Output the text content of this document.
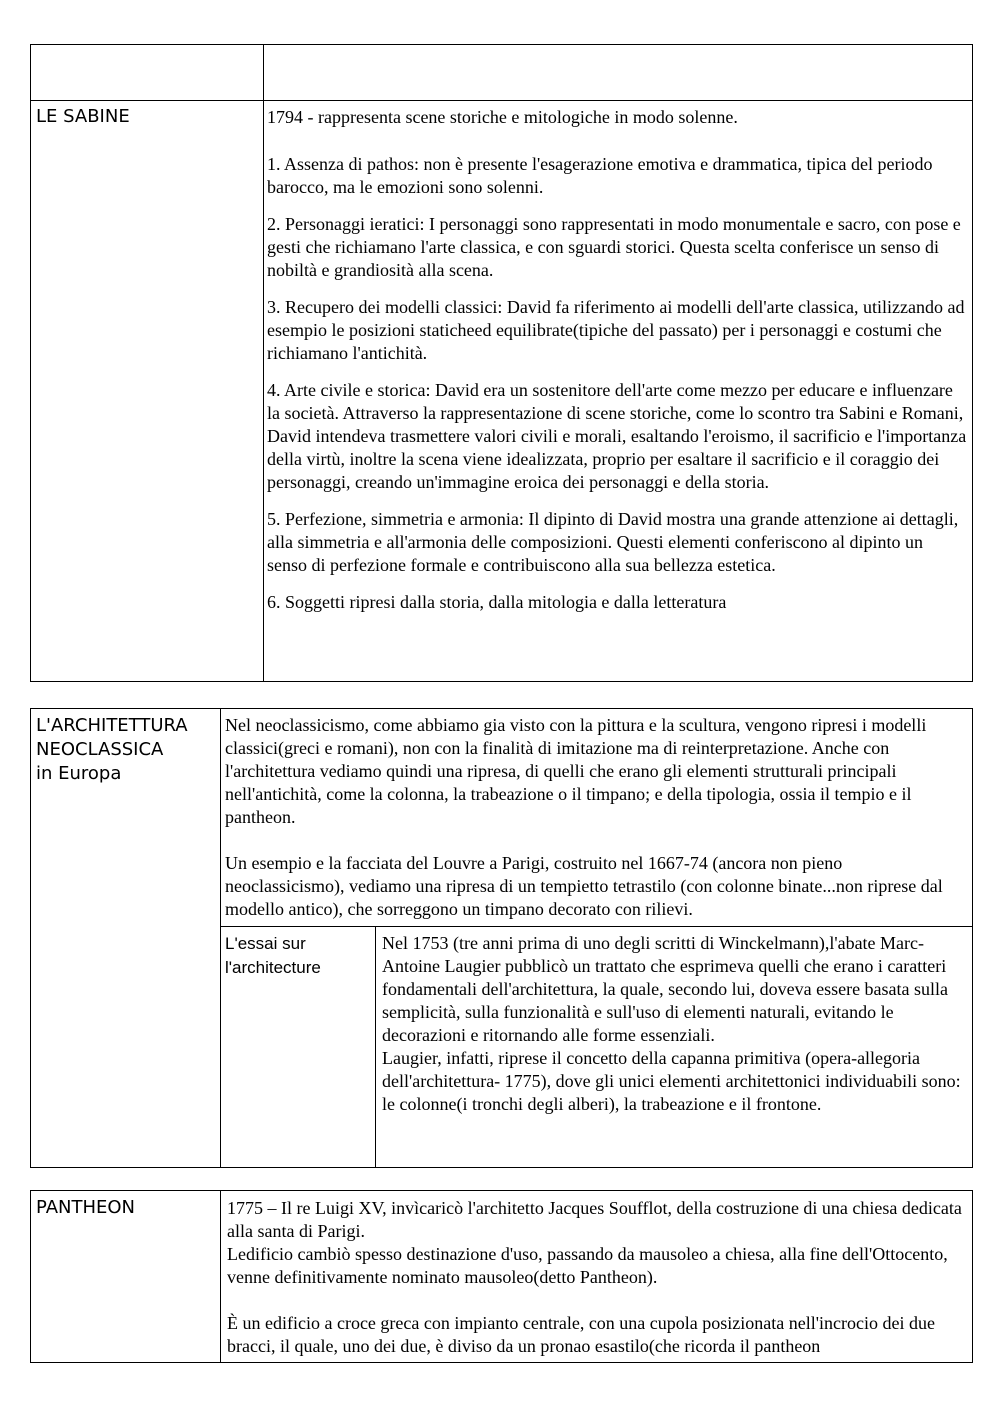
LE SABINE	1794 - rappresenta scene storiche e mitologiche in modo solenne.

1. Assenza di pathos: non è presente l'esagerazione emotiva e drammatica, tipica del periodo barocco, ma le emozioni sono solenni.

2. Personaggi ieratici: I personaggi sono rappresentati in modo monumentale e sacro, con pose e gesti che richiamano l'arte classica, e con sguardi storici. Questa scelta conferisce un senso di nobiltà e grandiosità alla scena.

3. Recupero dei modelli classici: David fa riferimento ai modelli dell'arte classica, utilizzando ad esempio le posizioni staticheed equilibrate(tipiche del passato) per i personaggi e costumi che richiamano l'antichità.

4. Arte civile e storica: David era un sostenitore dell'arte come mezzo per educare e influenzare la società. Attraverso la rappresentazione di scene storiche, come lo scontro tra Sabini e Romani, David intendeva trasmettere valori civili e morali, esaltando l'eroismo, il sacrificio e l'importanza della virtù, inoltre la scena viene idealizzata, proprio per esaltare il sacrificio e il coraggio dei personaggi, creando un'immagine eroica dei personaggi e della storia.

5. Perfezione, simmetria e armonia: Il dipinto di David mostra una grande attenzione ai dettagli, alla simmetria e all'armonia delle composizioni. Questi elementi conferiscono al dipinto un senso di perfezione formale e contribuiscono alla sua bellezza estetica.

6. Soggetti ripresi dalla storia, dalla mitologia e dalla letteratura

L'ARCHITETTURA
NEOCLASSICA
in Europa

Nel neoclassicismo, come abbiamo gia visto con la pittura e la scultura, vengono ripresi i modelli classici(greci e romani), non con la finalità di imitazione ma di reinterpretazione. Anche con l'architettura vediamo quindi una ripresa, di quelli che erano gli elementi strutturali principali nell'antichità, come la colonna, la trabeazione o il timpano; e della tipologia, ossia il tempio e il pantheon.

Un esempio e la facciata del Louvre a Parigi, costruito nel 1667-74 (ancora non pieno neoclassicismo), vediamo una ripresa di un tempietto tetrastilo (con colonne binate...non riprese dal modello antico), che sorreggono un timpano decorato con rilievi.

L'essai sur
l'architecture
Nel 1753 (tre anni prima di uno degli scritti di Winckelmann),l'abate Marc-Antoine Laugier pubblicò un trattato che esprimeva quelli che erano i caratteri fondamentali dell'architettura, la quale, secondo lui, doveva essere basata sulla semplicità, sulla funzionalità e sull'uso di elementi naturali, evitando le decorazioni e ritornando alle forme essenziali.
Laugier, infatti, riprese il concetto della capanna primitiva (opera-allegoria dell'architettura- 1775), dove gli unici elementi architettonici individuabili sono:
le colonne(i tronchi degli alberi), la trabeazione e il frontone.
PANTHEON	1775 – Il re Luigi XV, invìcaricò l'architetto Jacques Soufflot, della costruzione di una chiesa dedicata alla santa di Parigi.
Ledificio cambiò spesso destinazione d'uso, passando da mausoleo a chiesa, alla fine dell'Ottocento, venne definitivamente nominato mausoleo(detto Pantheon).

È un edificio a croce greca con impianto centrale, con una cupola posizionata nell'incrocio dei due bracci, il quale, uno dei due, è diviso da un pronao esastilo(che ricorda il pantheon
